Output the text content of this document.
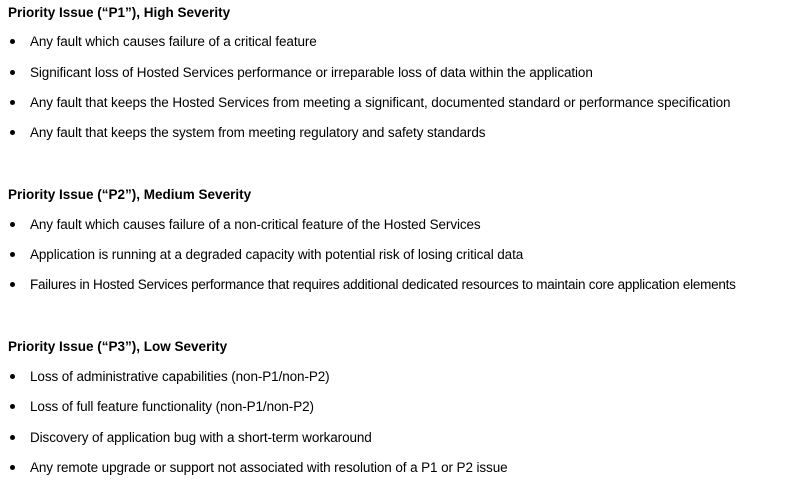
Priority Issue (“P1”), High Severity
Any fault which causes failure of a critical feature
Significant loss of Hosted Services performance or irreparable loss of data within the application
Any fault that keeps the Hosted Services from meeting a significant, documented standard or performance specification
Any fault that keeps the system from meeting regulatory and safety standards
Priority Issue (“P2”), Medium Severity
Any fault which causes failure of a non-critical feature of the Hosted Services
Application is running at a degraded capacity with potential risk of losing critical data
Failures in Hosted Services performance that requires additional dedicated resources to maintain core application elements
Priority Issue (“P3”), Low Severity
Loss of administrative capabilities (non-P1/non-P2)
Loss of full feature functionality (non-P1/non-P2)
Discovery of application bug with a short-term workaround
Any remote upgrade or support not associated with resolution of a P1 or P2 issue
